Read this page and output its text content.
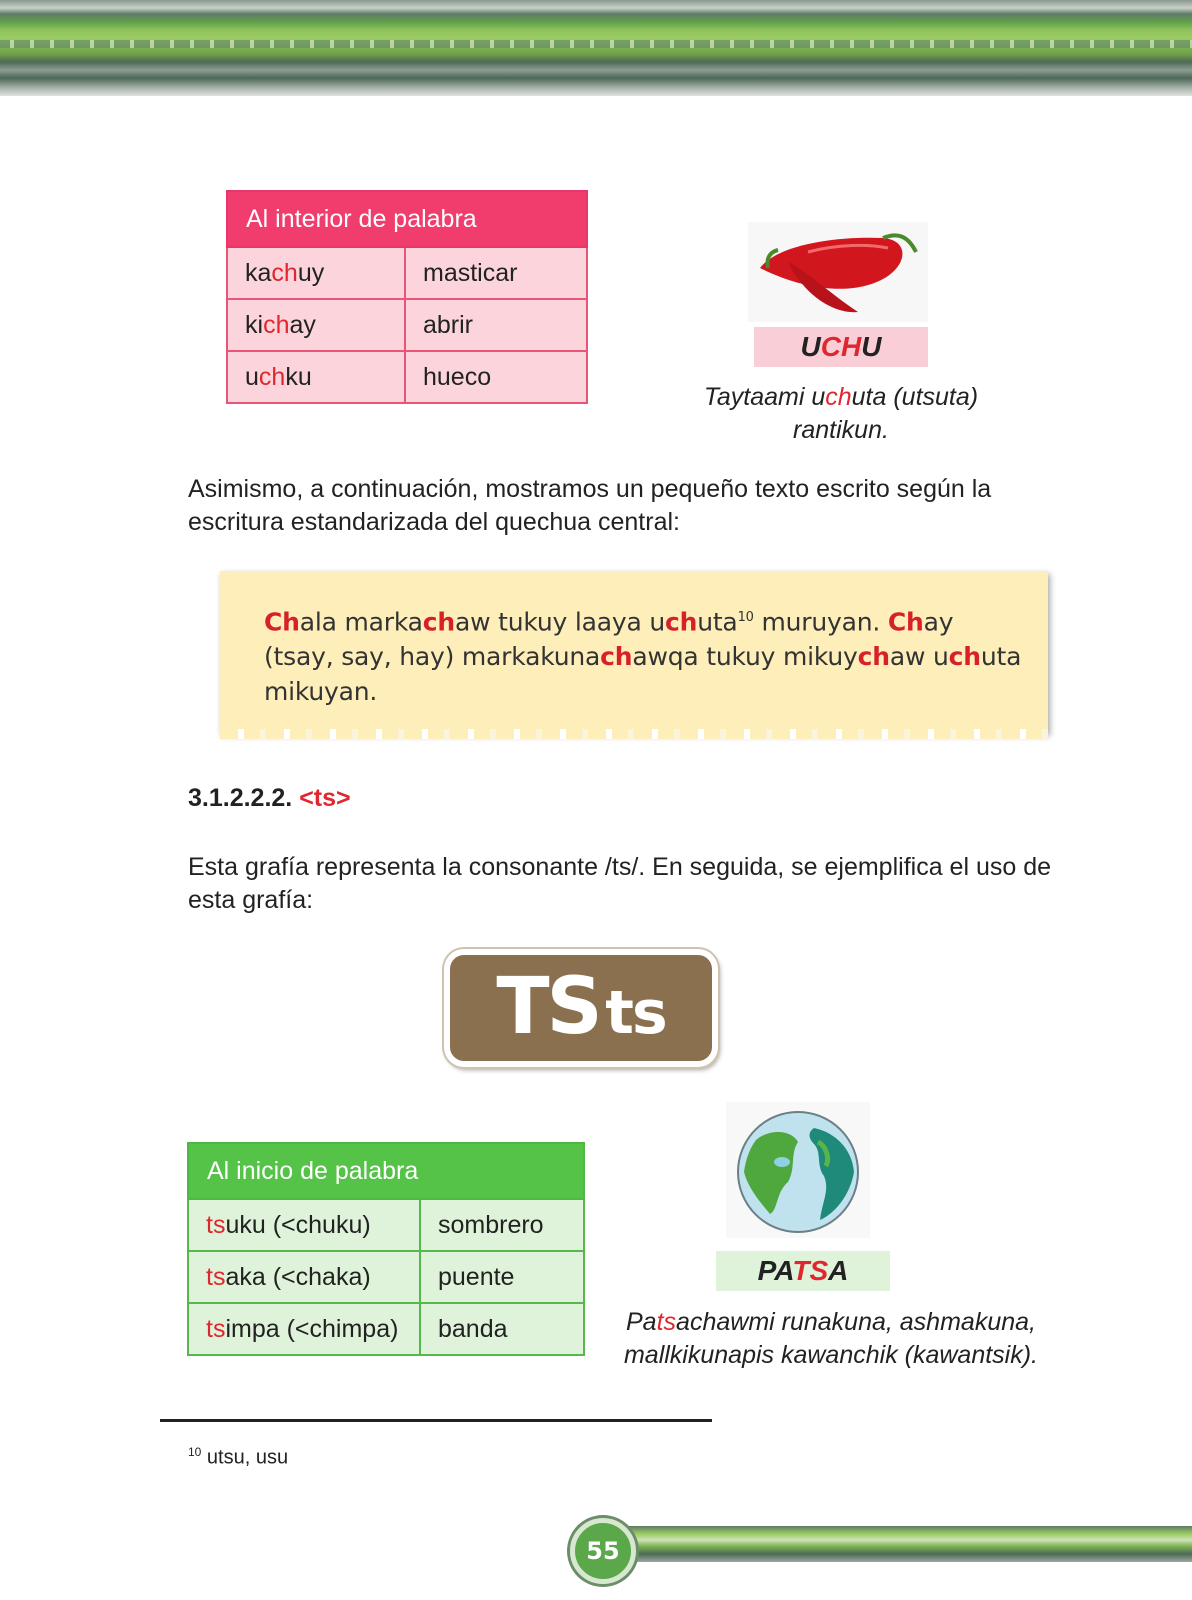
Al interior de palabra	
kachuy	masticar
kichay	abrir
uchku	hueco
UCHU
Taytaami uchuta (utsuta)
rantikun.
Asimismo, a continuación, mostramos un pequeño texto escrito según la escritura estandarizada del quechua central:
Chala markachaw tukuy laaya uchuta$^{10}$ muruyan. Chay (tsay, say, hay) markakunachawqa tukuy mikuychaw uchuta mikuyan.
3.1.2.2.2. <ts>
Esta grafía representa la consonante /ts/. En seguida, se ejemplifica el uso de esta grafía:
TS ts
Al inicio de palabra	
tsuku (<chuku)	sombrero
tsaka (<chaka)	puente
tsimpa (<chimpa)	banda
PATSA
Patsachawmi runakuna, ashmakuna,
mallkikunapis kawanchik (kawantsik).
$^{10}$ utsu, usu
55
